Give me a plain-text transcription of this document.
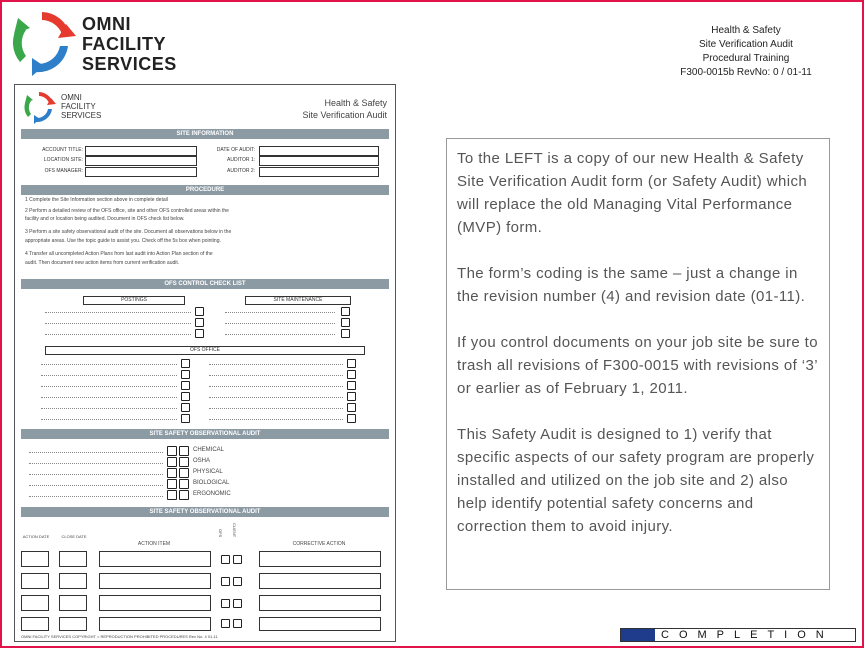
OMNI
FACILITY
SERVICES
Health & Safety
Site Verification Audit
Procedural Training
F300-0015b RevNo: 0 / 01-11
OMNI
FACILITY
SERVICES
Health & Safety
Site Verification Audit
SITE INFORMATION
ACCOUNT TITLE:
LOCATION SITE:
OFS MANAGER:
DATE OF AUDIT:
AUDITOR 1:
AUDITOR 2:
PROCEDURE
1 Complete the Site Information section above in complete detail
2 Perform a detailed review of the OFS office, site and other OFS controlled areas within the
facility and or location being audited. Document in OFS check list below.
3 Perform a site safety observational audit of the site. Document all observations below in the
appropriate areas. Use the topic guide to assist you. Check off the 5s box when pointing.
4 Transfer all uncompleted Action Plans from last audit into Action Plan section of the
audit. Then document new action items from current verification audit.
OFS CONTROL CHECK LIST
POSTINGS	SITE MAINTENANCE
OFS OFFICE
SITE SAFETY OBSERVATIONAL AUDIT
CHEMICAL
OSHA
PHYSICAL
BIOLOGICAL
ERGONOMIC
SITE SAFETY OBSERVATIONAL AUDIT
ACTION DATE	CLOSE DATE
ACTION ITEM
OFS CLIENT
CORRECTIVE ACTION
OMNI FACILITY SERVICES COPYRIGHT = REPRODUCTION PROHIBITED PROCEDURES Rev No. 4 01-11

To the LEFT is a copy of our new Health & Safety Site Verification Audit form (or Safety Audit) which will replace the old Managing Vital Performance (MVP) form.

The form’s coding is the same – just a change in the revision number (4) and revision date (01-11).

If you control documents on your job site be sure to trash all revisions of F300-0015 with revisions of ‘3’ or earlier as of February 1, 2011.

This Safety Audit is designed to 1) verify that specific aspects of our safety program are properly installed and utilized on the job site and 2) also help identify potential safety concerns and correction them to avoid injury.

COMPLETION
